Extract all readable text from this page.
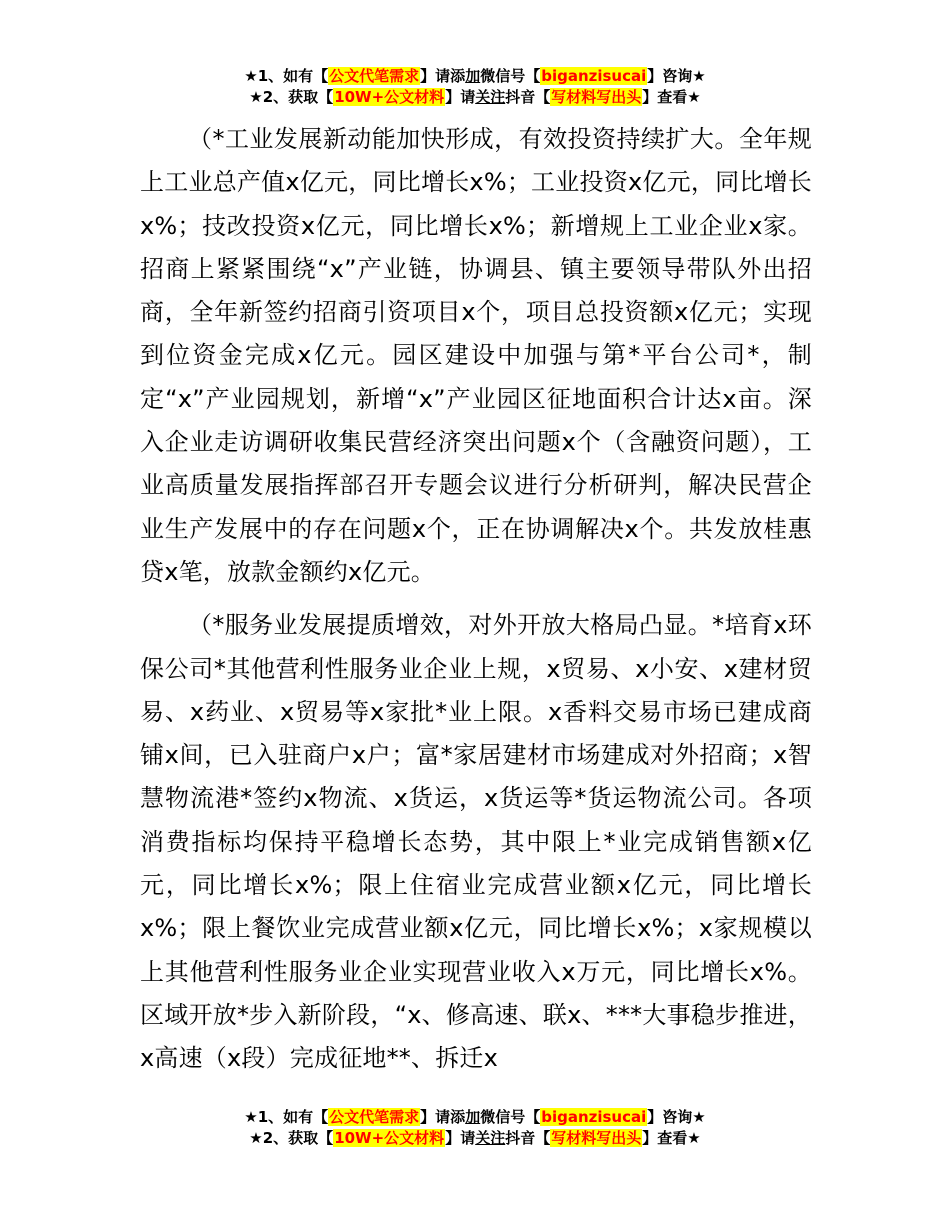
★1、如有【公文代笔需求】请添加微信号【biganzisucai】咨询★
★2、获取【10W+公文材料】请关注抖音【写材料写出头】查看★

（*工业发展新动能加快形成，有效投资持续扩大。全年规上工业总产值x亿元，同比增长x%；工业投资x亿元，同比增长x%；技改投资x亿元，同比增长x%；新增规上工业企业x家。招商上紧紧围绕“x”产业链，协调县、镇主要领导带队外出招商，全年新签约招商引资项目x个，项目总投资额x亿元；实现到位资金完成x亿元。园区建设中加强与第*平台公司*，制定“x”产业园规划，新增“x”产业园区征地面积合计达x亩。深入企业走访调研收集民营经济突出问题x个（含融资问题），工业高质量发展指挥部召开专题会议进行分析研判，解决民营企业生产发展中的存在问题x个，正在协调解决x个。共发放桂惠贷x笔，放款金额约x亿元。

（*服务业发展提质增效，对外开放大格局凸显。*培育x环保公司*其他营利性服务业企业上规，x贸易、x小安、x建材贸易、x药业、x贸易等x家批*业上限。x香料交易市场已建成商铺x间，已入驻商户x户；富*家居建材市场建成对外招商；x智慧物流港*签约x物流、x货运，x货运等*货运物流公司。各项消费指标均保持平稳增长态势，其中限上*业完成销售额x亿元，同比增长x%；限上住宿业完成营业额x亿元，同比增长x%；限上餐饮业完成营业额x亿元，同比增长x%；x家规模以上其他营利性服务业企业实现营业收入x万元，同比增长x%。区域开放*步入新阶段，“x、修高速、联x、***大事稳步推进，x高速（x段）完成征地**、拆迁x

★1、如有【公文代笔需求】请添加微信号【biganzisucai】咨询★
★2、获取【10W+公文材料】请关注抖音【写材料写出头】查看★
